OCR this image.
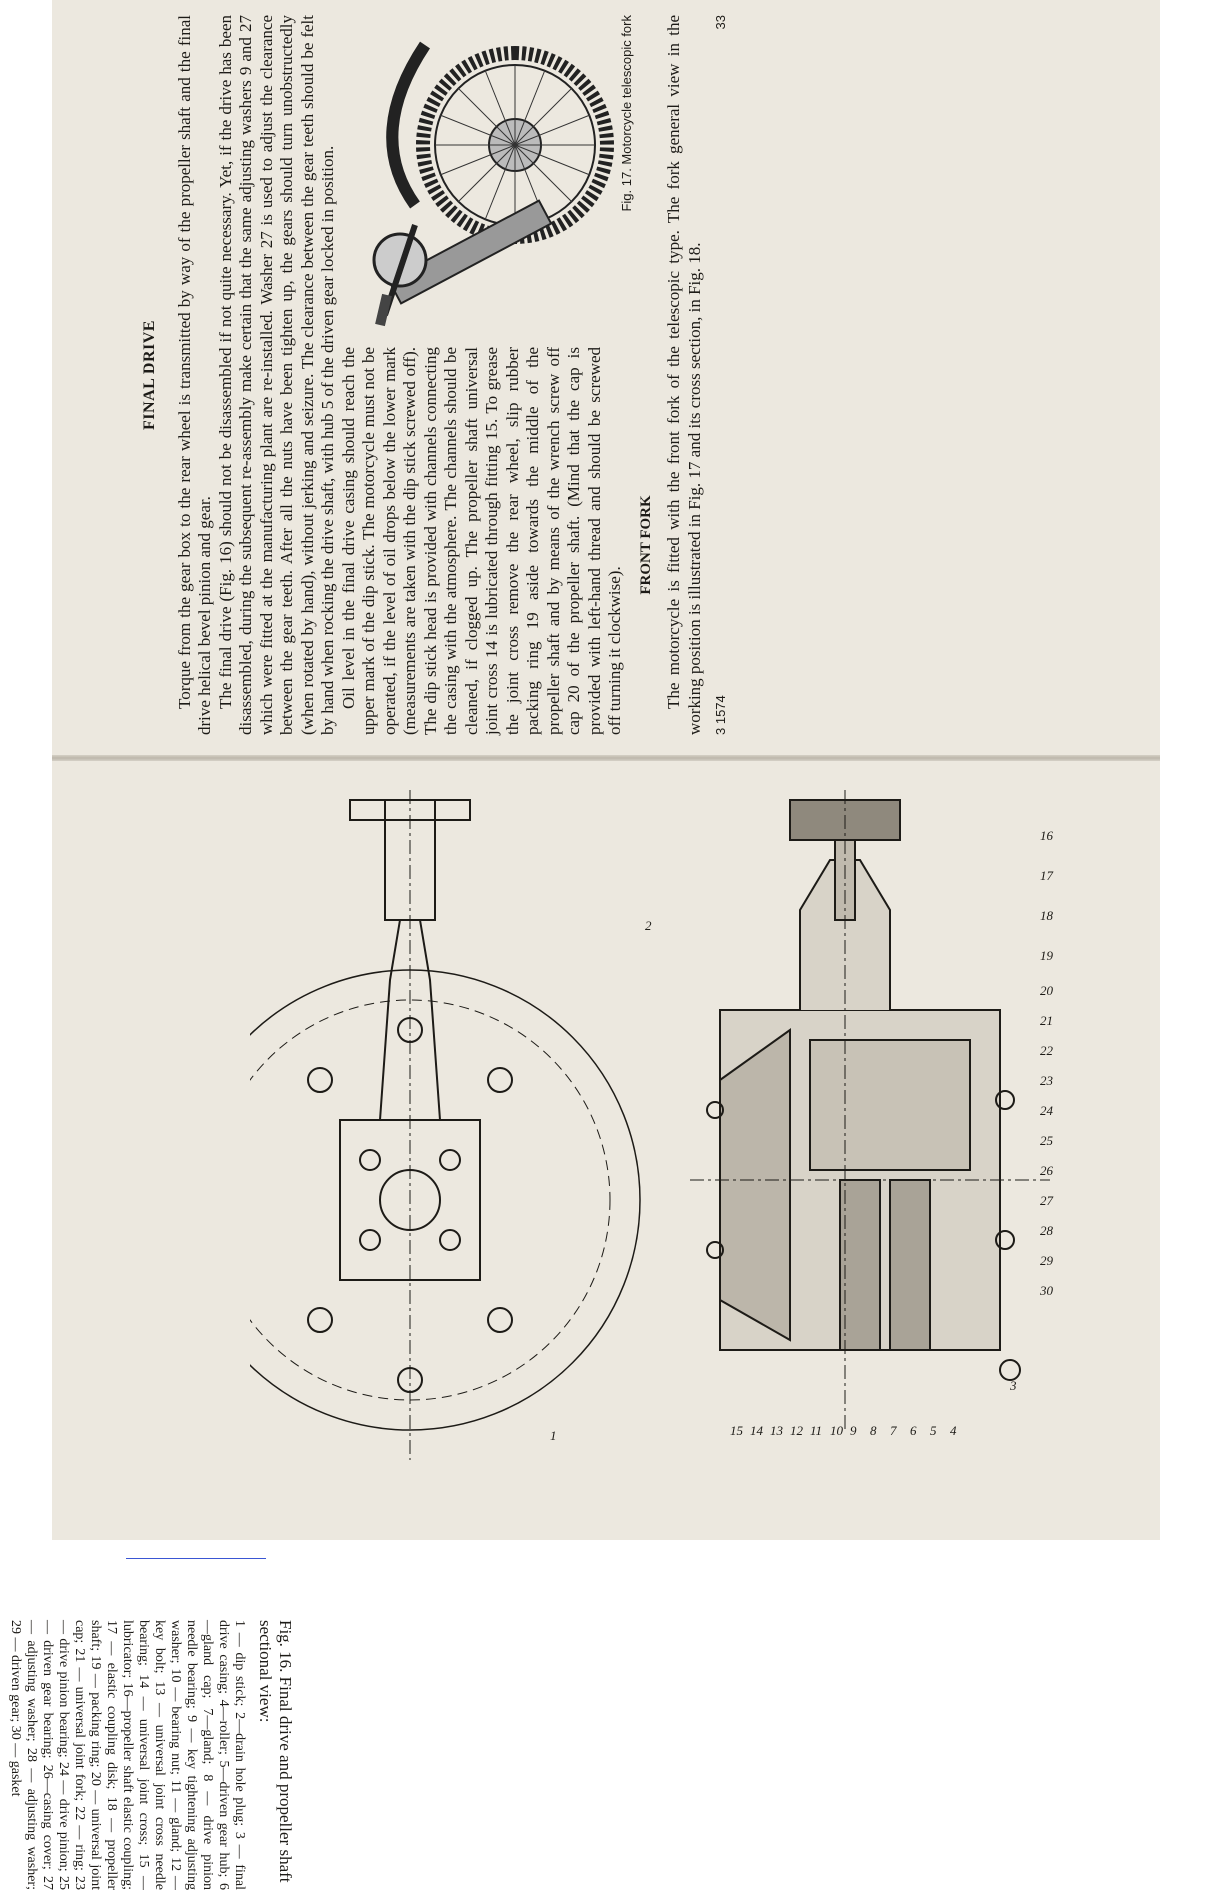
FINAL DRIVE Torque from the gear box to the rear wheel is transmitted by way of the propeller shaft and the final drive helical bevel pinion and gear. The final drive (Fig. 16) should not be disassembled if not quite necessary. Yet, if the drive has been disassembled, during the subsequent re-assembly make certain that the same adjusting washers 9 and 27 which were fitted at the manufacturing plant are re-installed. Washer 27 is used to adjust the clearance between the gear teeth. After all the nuts have been tighten up, the gears should turn unobstructedly (when rotated by hand), without jerking and seizure. The clearance between the gear teeth should be felt by hand when rocking the drive shaft, with hub 5 of the driven gear locked in position.

Fig. 17. Motorcycle telescopic fork

Oil level in the final drive casing should reach the upper mark of the dip stick. The motorcycle must not be operated, if the level of oil drops below the lower mark (measurements are taken with the dip stick screwed off). The dip stick head is provided with channels connecting the casing with the atmosphere. The channels should be cleaned, if clogged up. The propeller shaft universal joint cross 14 is lubricated through fitting 15. To grease the joint cross remove the rear wheel, slip rubber packing ring 19 aside towards the middle of the propeller shaft and by means of the wrench screw off cap 20 of the propeller shaft. (Mind that the cap is provided with left-hand thread and should be screwed off turning it clockwise).

FRONT FORK The motorcycle is fitted with the front fork of the telescopic type. The fork general view in the working position is illustrated in Fig. 17 and its cross section, in Fig. 18. 3 1574
33
Fig. 16. Final drive and propeller shaft sectional view:
1 — dip stick; 2—drain hole plug; 3 — final drive casing; 4—roller; 5—driven gear hub; 6—gland cap; 7—gland; 8 — drive pinion needle bearing; 9 — key tightening adjusting washer; 10 — bearing nut; 11 — gland; 12 — key bolt; 13 — universal joint cross needle bearing; 14 — universal joint cross; 15 — lubricator; 16—propeller shaft elastic coupling; 17 — elastic coupling disk; 18 — propeller shaft; 19 — packing ring; 20 — universal joint cap; 21 — universal joint fork; 22 — ring; 23 — drive pinion bearing; 24 — drive pinion; 25 — driven gear bearing; 26—casing cover; 27 — adjusting washer; 28 — adjusting washer; 29 — driven gear; 30 — gasket
1
2
3
4
5
6
7
8
9
10
11
12
13
14
15
16
17
18
19
20
21
22
23
24
25
26
27
28
29
30
